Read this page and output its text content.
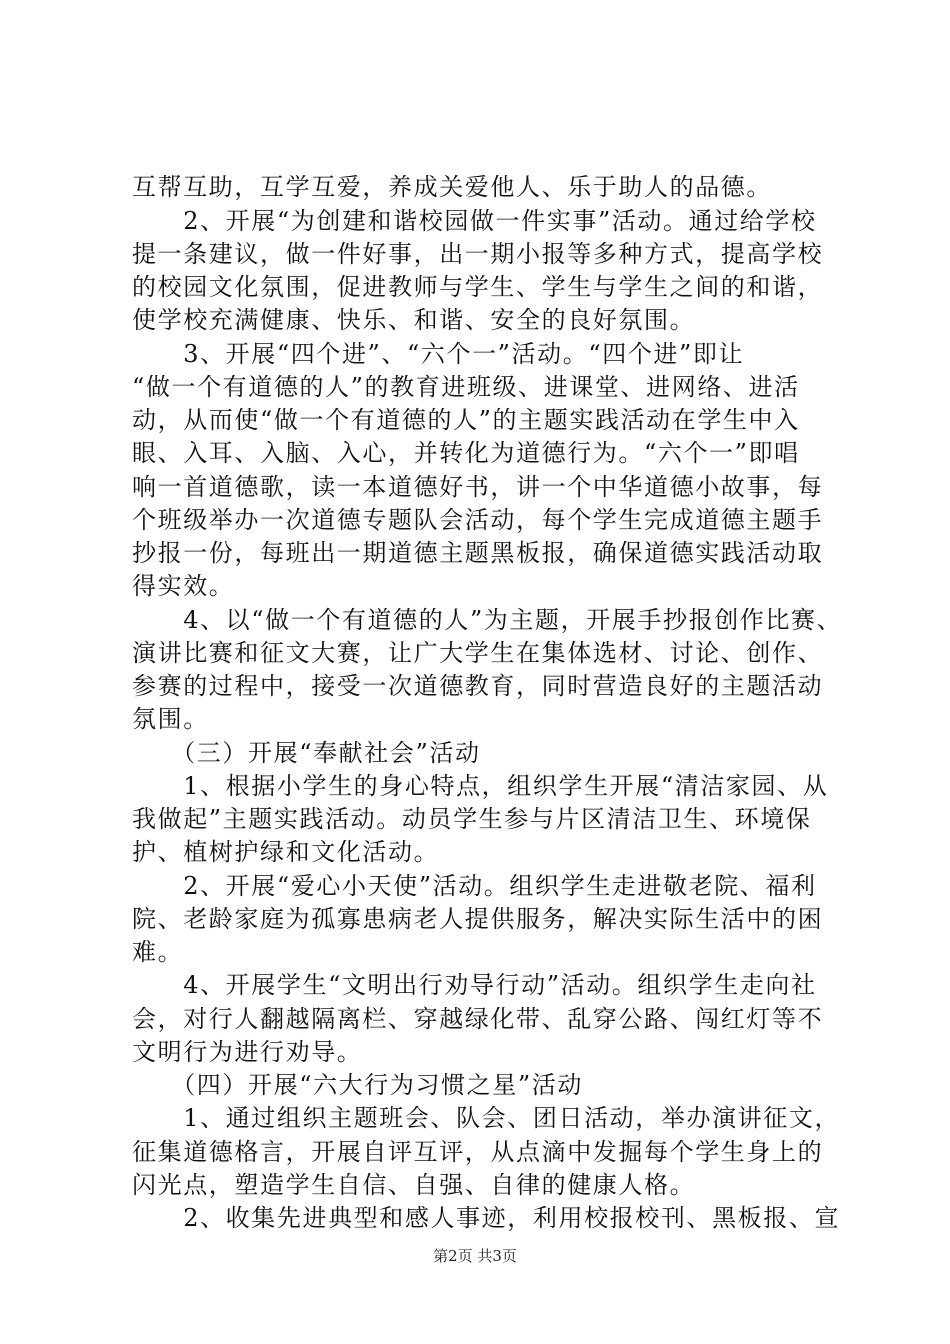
互帮互助，互学互爱，养成关爱他人、乐于助人的品德。
　　2、开展“为创建和谐校园做一件实事”活动。通过给学校
提一条建议，做一件好事，出一期小报等多种方式，提高学校
的校园文化氛围，促进教师与学生、学生与学生之间的和谐，
使学校充满健康、快乐、和谐、安全的良好氛围。
　　3、开展“四个进”、“六个一”活动。“四个进”即让
“做一个有道德的人”的教育进班级、进课堂、进网络、进活
动，从而使“做一个有道德的人”的主题实践活动在学生中入
眼、入耳、入脑、入心，并转化为道德行为。“六个一”即唱
响一首道德歌，读一本道德好书，讲一个中华道德小故事，每
个班级举办一次道德专题队会活动，每个学生完成道德主题手
抄报一份，每班出一期道德主题黑板报，确保道德实践活动取
得实效。
　　4、以“做一个有道德的人”为主题，开展手抄报创作比赛、
演讲比赛和征文大赛，让广大学生在集体选材、讨论、创作、
参赛的过程中，接受一次道德教育，同时营造良好的主题活动
氛围。
　　（三）开展“奉献社会”活动
　　1、根据小学生的身心特点，组织学生开展“清洁家园、从
我做起”主题实践活动。动员学生参与片区清洁卫生、环境保
护、植树护绿和文化活动。
　　2、开展“爱心小天使”活动。组织学生走进敬老院、福利
院、老龄家庭为孤寡患病老人提供服务，解决实际生活中的困
难。
　　4、开展学生“文明出行劝导行动”活动。组织学生走向社
会，对行人翻越隔离栏、穿越绿化带、乱穿公路、闯红灯等不
文明行为进行劝导。
　　（四）开展“六大行为习惯之星”活动
　　1、通过组织主题班会、队会、团日活动，举办演讲征文，
征集道德格言，开展自评互评，从点滴中发掘每个学生身上的
闪光点，塑造学生自信、自强、自律的健康人格。
　　2、收集先进典型和感人事迹，利用校报校刊、黑板报、宣
第2页 共3页
